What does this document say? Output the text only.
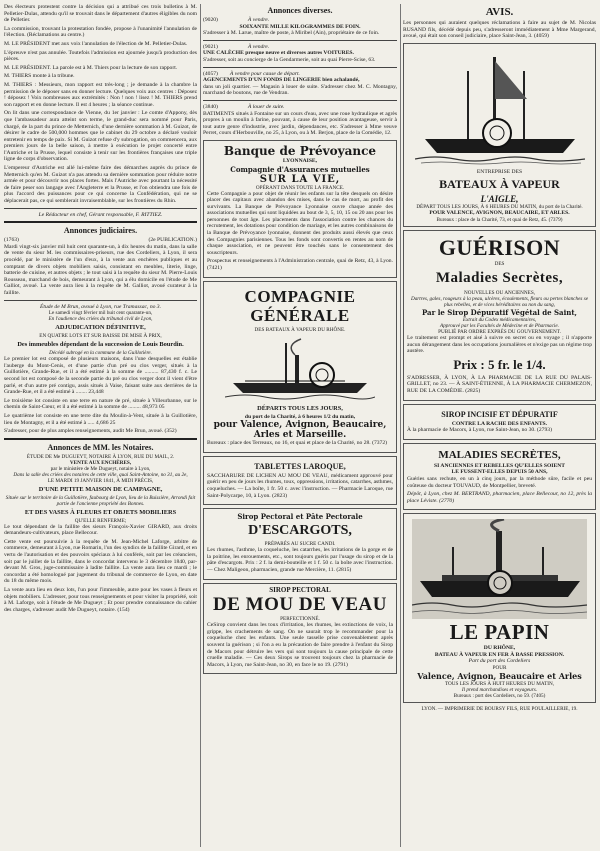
Des électeurs protestent contre la décision qui a attribué ces trois bulletins à M. Pelletier-Dulas, attendu qu'il se trouvait dans le département d'autres éligibles du nom de Pelletier.

La commission, trouvant la protestation fondée, propose à l'unanimité l'annulation de l'élection. (Réclamations au centre.)

M. LE PRÉSIDENT met aux voix l'annulation de l'élection de M. Pelletier-Dulas.

L'épreuve n'est pas annulée. Toutefois l'admission est ajournée jusqu'à production des pièces.

M. LE PRÉSIDENT. La parole est à M. Thiers pour la lecture de son rapport.

M. THIERS monte à la tribune.

M. THIERS : Messieurs, mon rapport est très-long ; je demande à la chambre la permission de le déposer sans en donner lecture. Quelques voix aux centres : Déposez ! déposez ! Voix nombreuses aux extrémités : Non ! non ! lisez ! M. THIERS prend son rapport et en donne lecture. Il est 4 heures ; la séance continue.

On lit dans une correspondance de Vienne, du 1er janvier : Le comte d'Appony, dès que l'ambassadeur aura atteint son terme, le grand-duc sera nommé pour Paris, chargé, de la part du prince de Metternich, d'une dernière sommation à M. Guizot, de désirer le cadre de 500,000 hommes que le cabinet du 29 octobre a déclaré vouloir entretenir en temps de paix. Si M. Guizot refuse d'y subrogation, on commencera, aux premiers jours de la belle saison, à mettre à exécution le projet concerté entre l'Autriche et la Prusse, lequel consiste à tenir sur les frontières françaises une triple ligne de corps d'observation.

L'empereur d'Autriche est allé lui-même faire des démarches auprès du prince de Metternich qu'en M. Guizot n'a pas attendu sa dernière sommation pour réduire notre armée et pour découvrir nos places fortes. Mais l'Autriche avec pourtant la nécessité de faire peser son langage avec l'Angleterre et la Prusse, et l'on obtiendra une fois de plus l'accord des puissances pour ce qui concerne la Confédération, qui ne se déplacerait pas, ce qui semblerait invraisemblable, sur les frontières du Rhin.

Le Rédacteur en chef, Gérant responsable, F. RITTIEZ.
Annonces judiciaires.
(1763)	(2e PUBLICATION.)

Mardi vingt-six janvier mil huit cent quarante-un, à dix heures du matin, dans la salle de vente du sieur M. les commissaires-priseurs, rue des Cordeliers, à Lyon, il sera procédé, par le ministère de l'un d'eux, à la vente aux enchères publiques et au comptant de divers objets mobiliers saisis, consistant en meubles, literie, linge, batterie de cuisine, et autres objets ; le tout saisi à la requête du sieur M. Pierre-Louis Rousseau, marchand de bois, demeurant à Lyon, qui a élu domicile en l'étude de Me Galliot, avoué. La vente aura lieu à la requête de M. Galliot, avoué curateur à la faillite.

Étude de M Brun, avoué à Lyon, rue Tramassac, no 3.
Le samedi vingt février mil huit cent quarante-un,
En l'audience des criées du tribunal civil de Lyon,
ADJUDICATION DÉFINITIVE,
EN QUATRE LOTS ET SUR BAISSE DE MISE À PRIX,
Des immeubles dépendant de la succession de Louis Bourdin.
Décédé subrogé en la commune de la Guillotière.

Le premier lot est composé de plusieurs maisons, dans l'une desquelles est établie l'auberge du Mont-Cenis, et d'une partie d'un pré ou clos verger, situés à la Guillotière, Grande-Rue, et il a été estimé à la somme de .......... 87,430 f. c. Le second lot est composé de la seconde partie du pré ou clos verger dont il vient d'être parlé, et d'un autre pré contigu, assis situés à Vaise, faisant suite aux derrières de la Grande-Rue, et il a été estimé à ........ 23,448

Le troisième lot consiste en une terre en nature de pré, située à Villeurbanne, sur le chemin de Saint-Cœur, et il a été estimé à la somme de ......... 48,973 05

Le quatrième lot consiste en une terre dite du Moulin-à-Vent, située à la Guillotière, lieu de Montagny, et il a été estimé à ..... 4,686 25

S'adresser, pour de plus amples renseignements, audit Me Brun, avoué. (352)

Annonces de MM. les Notaires.
ÉTUDE DE Me DUGUEYT, NOTAIRE À LYON, RUE DU MAIL, 2.
VENTE AUX ENCHÈRES,
par le ministère de Me Dugueyt, notaire à Lyon,
Dans la salle des criées des notaires de cette ville, quai Saint-Antoine, no 31, au 2e,
LE MARDI 19 JANVIER 1841, À MIDI PRÉCIS,
D'UNE PETITE MAISON DE CAMPAGNE,
Située sur le territoire de la Guillotière, faubourg de Lyon, lieu de la Buissière, Arrondi fait partie de l'ancienne propriété des Bonnes.
ET DES VASES À FLEURS ET OBJETS MOBILIERS
QU'ELLE RENFERME;

Le tout dépendant de la faillite des sieurs François-Xavier GIRARD, aux droits demandeurs-cultivateurs, place Bellecour.

Cette vente est poursuivie à la requête de M. Jean-Michel Laforge, arbitre de commerce, demeurant à Lyon, rue Romarin, l'un des syndics de la faillite Girard, et en vertu de l'autorisation et des pouvoirs spéciaux à lui conférés, soit par les créanciers, soit par le juillet de la faillite, dans le concordat intervenu le 3 décembre 1840, par-devant M. Gros, juge-commissaire à ladite faillite. La vente aura lieu ce mardi ; le concordat a été homologué par jugement du tribunal de commerce de Lyon, en date du 18 du même mois.

La vente aura lieu en deux lots, l'un pour l'immeuble, autre pour les vases à fleurs et objets mobiliers. L'adresser, pour tous renseignements et pour visiter la propriété, soit à M. Laforge, soit à l'étude de Me Dugueyt ; Et pour prendre connaissance du cahier des charges, s'adresser audit Me Dugueyt, notaire. (154)

Annonces diverses.
(9020)	À vendre.
SOIXANTE MILLE KILOGRAMMES DE FOIN.

S'adresser à M. Larue, maître de poste, à Miribel (Ain), propriétaire de ce foin.

(9021)	À vendre.
UNE CALÈCHE presque neuve et diverses autres VOITURES.

S'adresser, soit au concierge de la Gendarmerie, soit au quai Pierre-Scise, 63.

(4057) À vendre pour cause de départ.
AGENCEMENTS D'UN FONDS DE LINGERIE bien achalandé,

dans un joli quartier. — Magasin à louer de suite. S'adresser chez M. C. Montagny, marchand de boutons, rue de Vendran.

(3840)	À louer de suite.

BATIMENTS situés à Fontaine sur un cours d'eau, avec une roue hydraulique et agrès propres à un moulin à farine, pouvant, à cause de leur position avantageuse, servir à tout autre genre d'industrie, avec jardin, dépendances, etc. S'adresser à Mme veuve Perret, cours d'Herbouville, no 25, à Lyon, ou à M. Berjon, place de la Comédie, 12.

Banque de Prévoyance
LYONNAISE,
Compagnie d'Assurances mutuelles
SUR LA VIE,
OPÉRANT DANS TOUTE LA FRANCE.

Cette Compagnie a pour objet de réunir les enfants sur la tête desquels on désire placer des capitaux avec abandon des mises, dans le cas de mort, au profit des survivants. La Banque de Prévoyance Lyonnaise ouvre chaque année des associations mutuelles qui sont liquidées au bout de 3, 5, 10, 15 ou 20 ans pour les personnes de tout âge. Les placements dans l'association contre les chances du recrutement, les dotations pour condition de mariage, et les autres combinaisons de la Banque de Prévoyance lyonnaise, donnent des produits aussi élevés que ceux des Compagnies parisiennes. Tous les fonds sont convertis en rentes au nom de chaque association, et ne peuvent être touchés sans le consentement des souscripteurs.

Prospectus et renseignements à l'Administration centrale, quai de Retz, 43, à Lyon. (7421)

COMPAGNIE GÉNÉRALE
DES BATEAUX À VAPEUR DU RHÔNE.
DÉPARTS TOUS LES JOURS,
du port de la Charité, à 6 heures 1/2 du matin,
pour Valence, Avignon, Beaucaire, Arles et Marseille.

Bureaux : place des Terreaux, no 16, et quai et place de la Charité, no 28. (7372)

TABLETTES LAROQUE,

SACCHARURE DE LICHEN AU MOU DE VEAU, médicament approuvé pour guérir en peu de jours les rhumes, toux, oppressions, irritations, catarrhes, asthmes, coqueluches. — La boîte, 1 fr. 50 c. avec l'instruction. — Pharmacie Laroque, rue Saint-Polycarpe, 10, à Lyon. (2823)

Sirop Pectoral et Pâte Pectorale
D'ESCARGOTS,
PRÉPARÉS AU SUCRE CANDI.

Les rhumes, l'asthme, la coqueluche, les catarrhes, les irritations de la gorge et de la poitrine, les enrouements, etc., sont toujours guéris par l'usage du sirop et de la pâte d'escargots. Prix : 2 f. la demi-bouteille et 1 f. 50 c. la boîte avec l'instruction. — Chez Maligeon, pharmacien, grande rue Mercière, 11. (2815)

SIROP PECTORAL
DE MOU DE VEAU
PERFECTIONNÉ.

CeSirop convient dans les toux d'irritation, les rhumes, les extinctions de voix, la grippe, les crachements de sang. On ne saurait trop le recommander pour la coqueluche chez les enfants. Une seule tasselle prise convenablement après souvent la guérison ; si l'on a eu la précaution de faire prendre à l'enfant du Sirop de Macors pour détruire les vers qui sont toujours la cause principale de cette cruelle maladie. — Ces deux Sirops se trouvent toujours chez la pharmacie de Macors, à Lyon, rue Saint-Jean, no 30, en face le no 19. (2791)

AVIS.

Les personnes qui auraient quelques réclamations à faire au sujet de M. Nicolas RUSAND fils, décédé depuis peu, s'adresseront immédiatement à Mme Margerand, avoué, qui était son conseil judiciaire, place Saint-Jean, 3. (4059)

ENTREPRISE DES
BATEAUX À VAPEUR
L'AIGLE,
DÉPART TOUS LES JOURS, À 6 HEURES DU MATIN, du port de la Charité.
POUR VALENCE, AVIGNON, BEAUCAIRE, ET ARLES.
Bureaux : place de la Charité, 73, et quai de Retz, 45. (7379)
GUÉRISON
DES
Maladies Secrètes,
NOUVELLES OU ANCIENNES,
Dartres, gales, rougeurs à la peau, ulcères, écoulements, fleurs ou pertes blanches se plus rebelles, et de vices héréditaires ou non du sang,
Par le Sirop Dépuratif Végétal de Saint,
Extrait du Codex médicamentaires,
Approuvé par les Facultés de Médecine et de Pharmacie.
PUBLIÉ PAR ORDRE EXPRÈS DU GOUVERNEMENT.

Le traitement est prompt et aisé à suivre en secret ou en voyage ; il n'apporte aucun dérangement dans les occupations journalières et n'exige pas un régime trop austère.

Prix : 5 fr. le 1/4.

S'ADRESSER, À LYON, À LA PHARMACIE DE LA RUE DU PALAIS-GRILLET, no 23. — À SAINT-ÉTIENNE, À LA PHARMACIE CHERMEZON, RUE DE LA COMÉDIE. (2825)

SIROP INCISIF ET DÉPURATIF
CONTRE LA RACHE DES ENFANTS.

À la pharmacie de Macors, à Lyon, rue Saint-Jean, no 30. (2793)

MALADIES SECRÈTES,
SI ANCIENNES ET REBELLES QU'ELLES SOIENT
LE FUSSENT-ELLES DEPUIS 50 ANS,

Guéries sans rechute, en un à cinq jours, par la méthode sûre, facile et peu coûteuse du docteur TOUVAUD, de Montpellier, breveté.

Dépôt, à Lyon, chez M. BERTRAND, pharmacien, place Bellecour, no 12, près la place Léviste. (2770)

LE PAPIN
DU RHÔNE,
BATEAU À VAPEUR EN FER À BASSE PRESSION.
Part du port des Cordeliers
POUR
Valence, Avignon, Beaucaire et Arles
TOUS LES JOURS À HUIT HEURES DU MATIN,
Il prend marchandises et voyageurs.
Bureaux : port des Cordeliers, no 59. (7405)
LYON. — IMPRIMERIE DE BOURSY FILS, RUE POULAILLERIE, 19.
